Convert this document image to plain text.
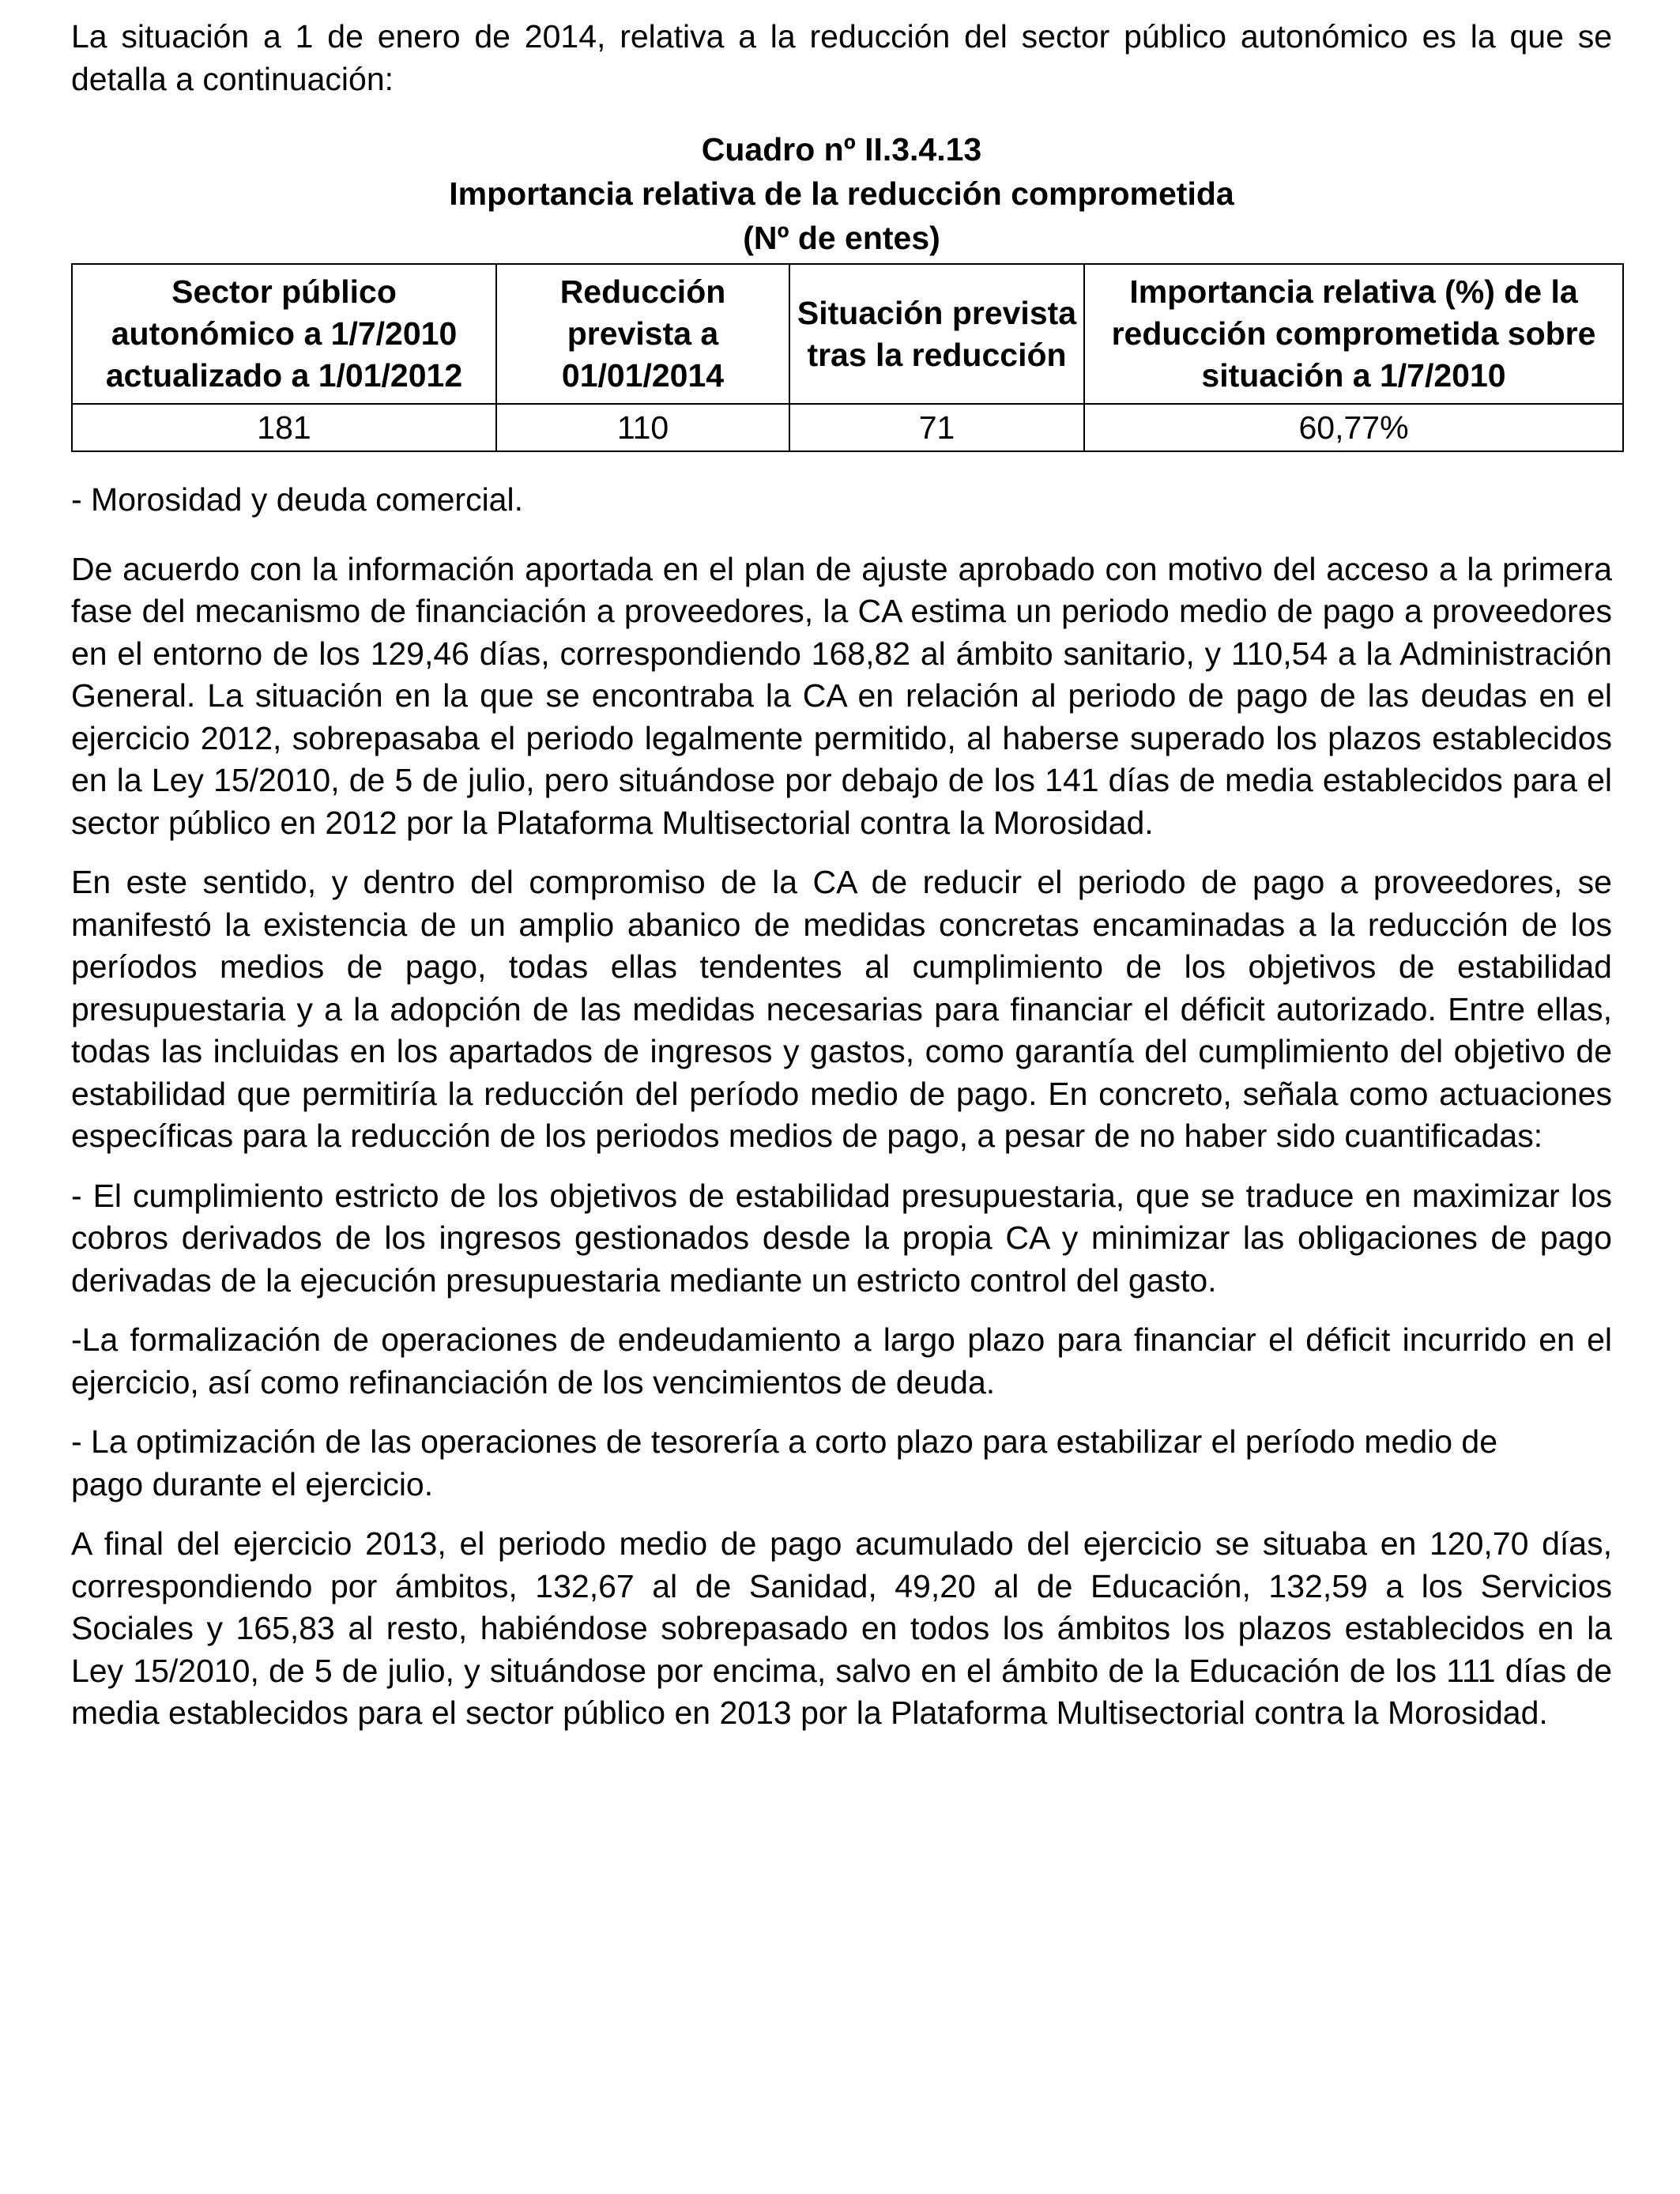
La situación a 1 de enero de 2014, relativa a la reducción del sector público autonómico es la que se detalla a continuación:

Cuadro nº II.3.4.13
Importancia relativa de la reducción comprometida
(Nº de entes)
Sector público autonómico a 1/7/2010 actualizado a 1/01/2012	Reducción prevista a 01/01/2014	Situación prevista tras la reducción	Importancia relativa (%) de la reducción comprometida sobre situación a 1/7/2010
181	110	71	60,77%

- Morosidad y deuda comercial.

De acuerdo con la información aportada en el plan de ajuste aprobado con motivo del acceso a la primera fase del mecanismo de financiación a proveedores, la CA estima un periodo medio de pago a proveedores en el entorno de los 129,46 días, correspondiendo 168,82 al ámbito sanitario, y 110,54 a la Administración General. La situación en la que se encontraba la CA en relación al periodo de pago de las deudas en el ejercicio 2012, sobrepasaba el periodo legalmente permitido, al haberse superado los plazos establecidos en la Ley 15/2010, de 5 de julio, pero situándose por debajo de los 141 días de media establecidos para el sector público en 2012 por la Plataforma Multisectorial contra la Morosidad.

En este sentido, y dentro del compromiso de la CA de reducir el periodo de pago a proveedores, se manifestó la existencia de un amplio abanico de medidas concretas encaminadas a la reducción de los períodos medios de pago, todas ellas tendentes al cumplimiento de los objetivos de estabilidad presupuestaria y a la adopción de las medidas necesarias para financiar el déficit autorizado. Entre ellas, todas las incluidas en los apartados de ingresos y gastos, como garantía del cumplimiento del objetivo de estabilidad que permitiría la reducción del período medio de pago. En concreto, señala como actuaciones específicas para la reducción de los periodos medios de pago, a pesar de no haber sido cuantificadas:

- El cumplimiento estricto de los objetivos de estabilidad presupuestaria, que se traduce en maximizar los cobros derivados de los ingresos gestionados desde la propia CA y minimizar las obligaciones de pago derivadas de la ejecución presupuestaria mediante un estricto control del gasto.

-La formalización de operaciones de endeudamiento a largo plazo para financiar el déficit incurrido en el ejercicio, así como refinanciación de los vencimientos de deuda.

- La optimización de las operaciones de tesorería a corto plazo para estabilizar el período medio de pago durante el ejercicio.

A final del ejercicio 2013, el periodo medio de pago acumulado del ejercicio se situaba en 120,70 días, correspondiendo por ámbitos, 132,67 al de Sanidad, 49,20 al de Educación, 132,59 a los Servicios Sociales y 165,83 al resto, habiéndose sobrepasado en todos los ámbitos los plazos establecidos en la Ley 15/2010, de 5 de julio, y situándose por encima, salvo en el ámbito de la Educación de los 111 días de media establecidos para el sector público en 2013 por la Plataforma Multisectorial contra la Morosidad.
